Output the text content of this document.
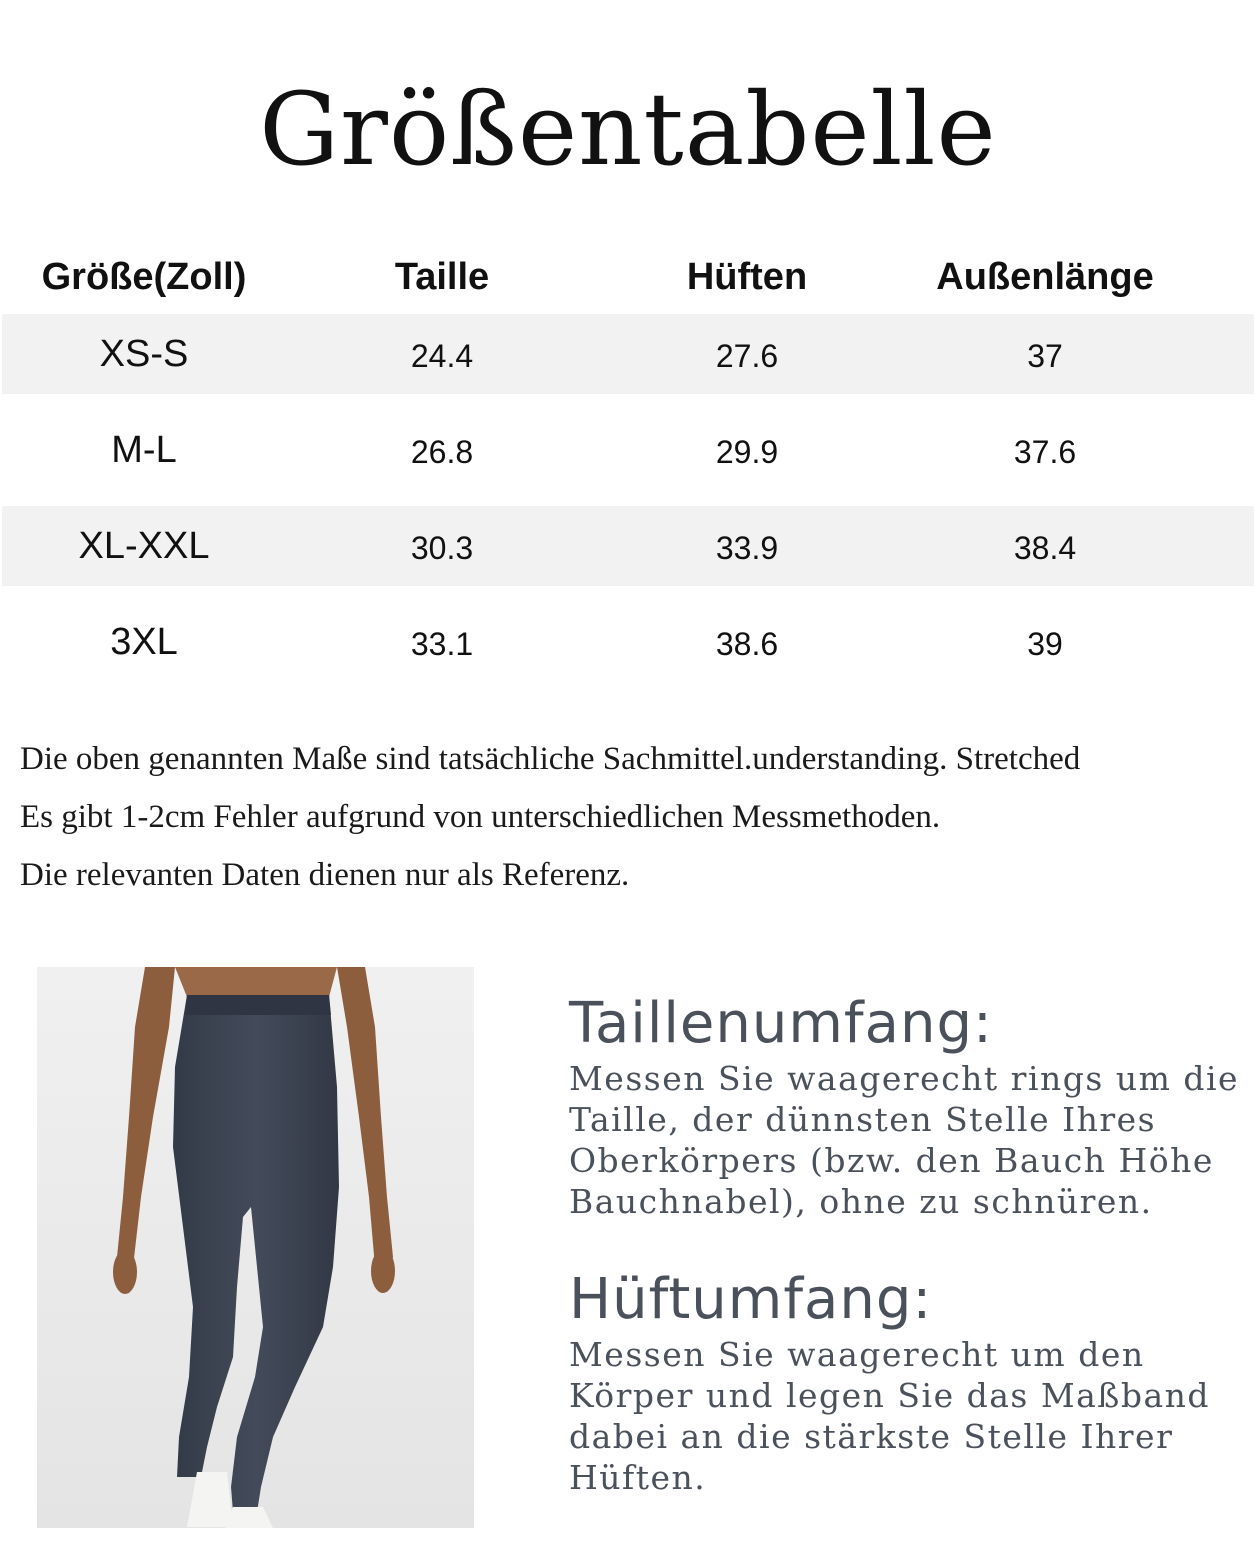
Größentabelle
Größe(Zoll)	Taille	Hüften	Außenlänge
XS-S	24.4	27.6	37
M-L	26.8	29.9	37.6
XL-XXL	30.3	33.9	38.4
3XL	33.1	38.6	39

Die oben genannten Maße sind tatsächliche Sachmittel.understanding. Stretched

Es gibt 1-2cm Fehler aufgrund von unterschiedlichen Messmethoden.

Die relevanten Daten dienen nur als Referenz.

Taillenumfang:
Messen Sie waagerecht rings um die
Taille, der dünnsten Stelle Ihres
Oberkörpers (bzw. den Bauch Höhe
Bauchnabel), ohne zu schnüren.
Hüftumfang:
Messen Sie waagerecht um den
Körper und legen Sie das Maßband
dabei an die stärkste Stelle Ihrer
Hüften.
